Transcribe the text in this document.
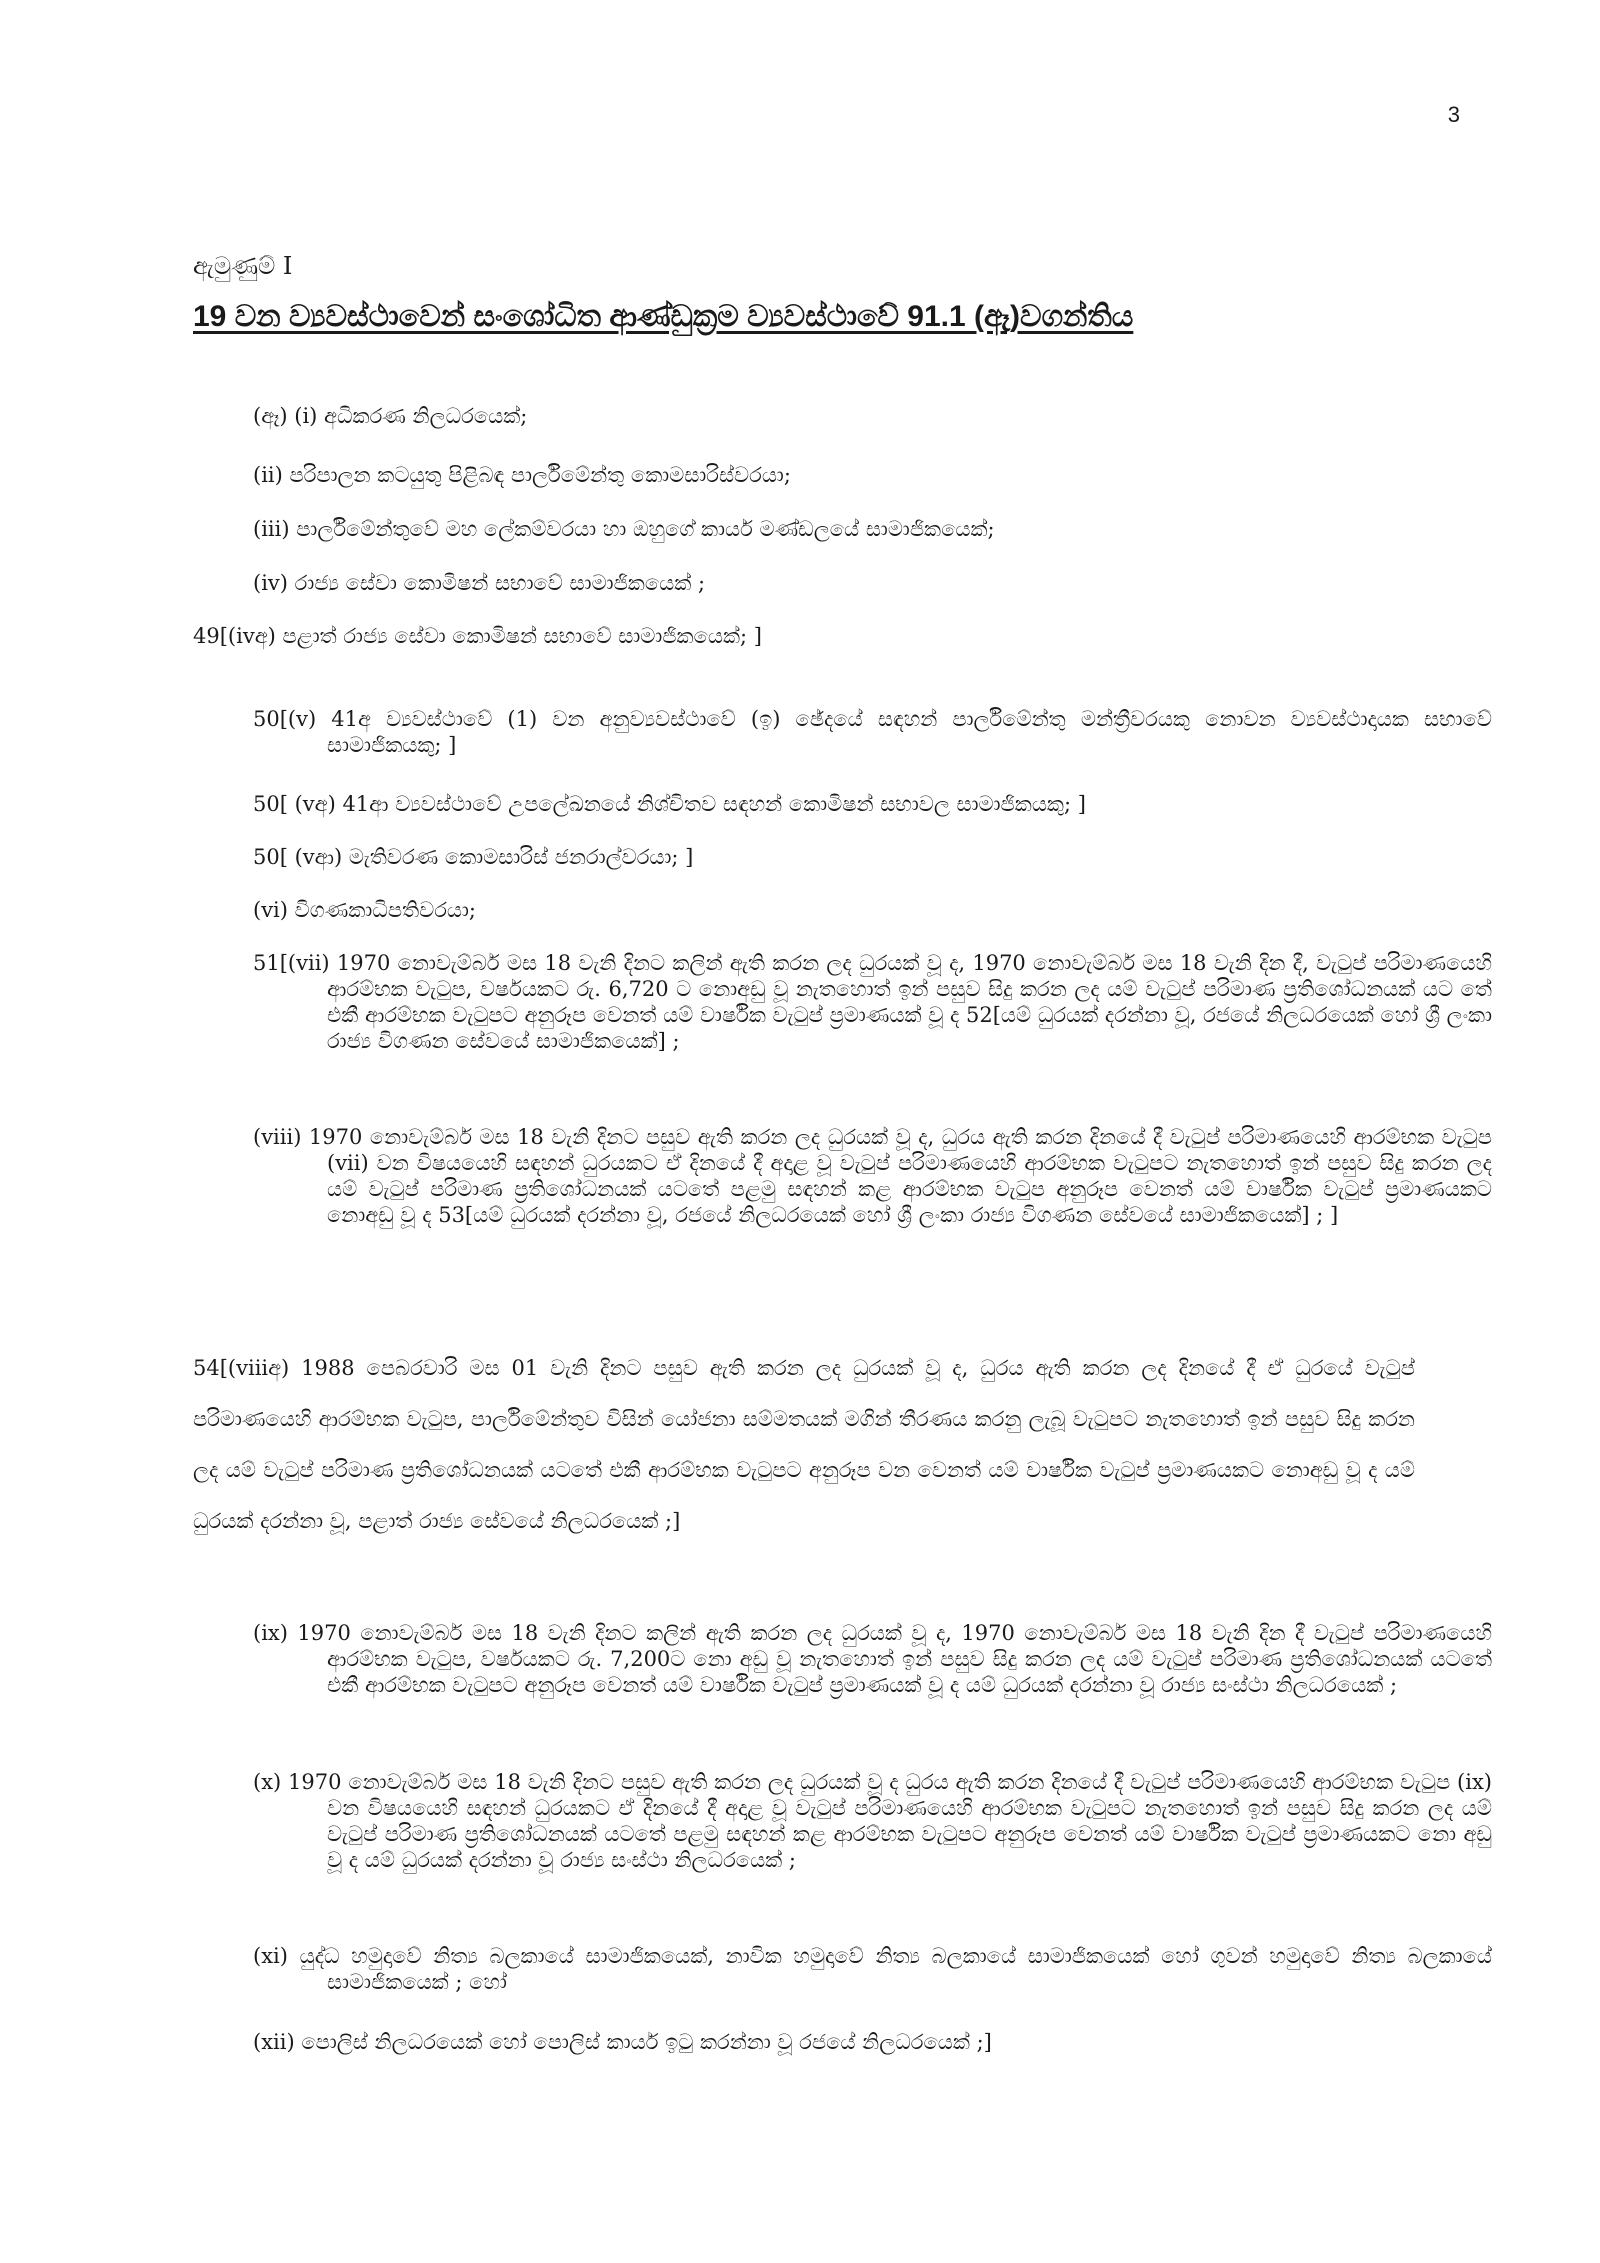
3
ඇමුණුම් I
19 වන ව්‍යවස්ථාවෙන් සංශෝධිත ආණ්ඩුක්‍රම ව්‍යවස්ථාවේ 91.1 (ඈ)වගන්තිය
(ඈ) (i) අධිකරණ නිලධරයෙක්;
(ii) පරිපාලන කටයුතු පිළිබඳ පාර්ලිමේන්තු කොමසාරිස්වරයා;
(iii) පාර්ලිමේන්තුවේ මහ ලේකම්වරයා හා ඔහුගේ කාර්ය මණ්ඩලයේ සාමාජිකයෙක්;
(iv) රාජ්‍ය සේවා කොමිෂන් සභාවේ සාමාජිකයෙක් ;
49[(ivඅ) පළාත් රාජ්‍ය සේවා කොමිෂන් සභාවේ සාමාජිකයෙක්; ]
50[(v) 41අ ව්‍යවස්ථාවේ (1) වන අනුව්‍යවස්ථාවේ (ඉ) ඡේදයේ සඳහන් පාර්ලිමේන්තු මන්ත්‍රීවරයකු නොවන ව්‍යවස්ථාදායක සභාවේ සාමාජිකයකු; ]
50[ (vඅ) 41ආ ව්‍යවස්ථාවේ උපලේඛනයේ නිශ්චිතව සඳහන් කොමිෂන් සභාවල සාමාජිකයකු; ]
50[ (vආ) මැතිවරණ කොමසාරිස් ජනරාල්වරයා; ]
(vi) විගණකාධිපතිවරයා;
51[(vii) 1970 නොවැම්බර් මස 18 වැනි දිනට කලින් ඇති කරන ලද ධුරයක් වූ ද, 1970 නොවැම්බර් මස 18 වැනි දින දී, වැටුප් පරිමාණයෙහි ආරම්භක වැටුප, වර්ෂයකට රු. 6,720 ට නොඅඩු වූ නැතහොත් ඉන් පසුව සිදු කරන ලද යම් වැටුප් පරිමාණ ප්‍රතිශෝධනයක් යට තේ එකී ආරම්භක වැටුපට අනුරූප වෙනත් යම් වාර්ෂික වැටුප් ප්‍රමාණයක් වූ ද 52[යම් ධුරයක් දරන්නා වූ, රජයේ නිලධරයෙක් හෝ ශ්‍රී ලංකා රාජ්‍ය විගණන සේවයේ සාමාජිකයෙක්] ;
(viii) 1970 නොවැම්බර් මස 18 වැනි දිනට පසුව ඇති කරන ලද ධුරයක් වූ ද, ධුරය ඇති කරන දිනයේ දී වැටුප් පරිමාණයෙහි ආරම්භක වැටුප (vii) වන විෂයයෙහි සඳහන් ධුරයකට ඒ දිනයේ දී අදාළ වූ වැටුප් පරිමාණයෙහි ආරම්භක වැටුපට නැතහොත් ඉන් පසුව සිදු කරන ලද යම් වැටුප් පරිමාණ ප්‍රතිශෝධනයක් යටතේ පළමු සඳහන් කළ ආරම්භක වැටුප අනුරූප වෙනත් යම් වාර්ෂික වැටුප් ප්‍රමාණයකට නොඅඩු වූ ද 53[යම් ධුරයක් දරන්නා වූ, රජයේ නිලධරයෙක් හෝ ශ්‍රී ලංකා රාජ්‍ය විගණන සේවයේ සාමාජිකයෙක්] ; ]
54[(viiiඅ) 1988 පෙබරවාරි මස 01 වැනි දිනට පසුව ඇති කරන ලද ධුරයක් වූ ද, ධුරය ඇති කරන ලද දිනයේ දී ඒ ධුරයේ වැටුප් පරිමාණයෙහි ආරම්භක වැටුප, පාර්ලිමේන්තුව විසින් යෝජනා සම්මතයක් මගින් තීරණය කරනු ලැබූ වැටුපට නැතහොත් ඉන් පසුව සිදු කරන ලද යම් වැටුප් පරිමාණ ප්‍රතිශෝධනයක් යටතේ එකී ආරම්භක වැටුපට අනුරූප වන වෙනත් යම් වාර්ෂික වැටුප් ප්‍රමාණයකට නොඅඩු වූ ද යම් ධුරයක් දරන්නා වූ, පළාත් රාජ්‍ය සේවයේ නිලධරයෙක් ;]
(ix) 1970 නොවැම්බර් මස 18 වැනි දිනට කලින් ඇති කරන ලද ධුරයක් වූ ද, 1970 නොවැම්බර් මස 18 වැනි දින දී වැටුප් පරිමාණයෙහි ආරම්භක වැටුප, වර්ෂයකට රු. 7,200ට නො අඩු වූ නැතහොත් ඉන් පසුව සිදු කරන ලද යම් වැටුප් පරිමාණ ප්‍රතිශෝධනයක් යටතේ එකී ආරම්භක වැටුපට අනුරූප වෙනත් යම් වාර්ෂික වැටුප් ප්‍රමාණයක් වූ ද යම් ධුරයක් දරන්නා වූ රාජ්‍ය සංස්ථා නිලධරයෙක් ;
(x) 1970 නොවැම්බර් මස 18 වැනි දිනට පසුව ඇති කරන ලද ධුරයක් වූ ද ධුරය ඇති කරන දිනයේ දී වැටුප් පරිමාණයෙහි ආරම්භක වැටුප (ix) වන විෂයයෙහි සඳහන් ධුරයකට ඒ දිනයේ දී අදාළ වූ වැටුප් පරිමාණයෙහි ආරම්භක වැටුපට නැතහොත් ඉන් පසුව සිදු කරන ලද යම් වැටුප් පරිමාණ ප්‍රතිශෝධනයක් යටතේ පළමු සඳහන් කළ ආරම්භක වැටුපට අනුරූප වෙනත් යම් වාර්ෂික වැටුප් ප්‍රමාණයකට නො අඩු වූ ද යම් ධුරයක් දරන්නා වූ රාජ්‍ය සංස්ථා නිලධරයෙක් ;
(xi) යුද්ධ හමුදාවේ නිත්‍ය බලකායේ සාමාජිකයෙක්, නාවික හමුදාවේ නිත්‍ය බලකායේ සාමාජිකයෙක් හෝ ගුවන් හමුදාවේ නිත්‍ය බලකායේ සාමාජිකයෙක් ; හෝ
(xii) පොලිස් නිලධරයෙක් හෝ පොලිස් කාර්ය ඉටු කරන්නා වූ රජයේ නිලධරයෙක් ;]
